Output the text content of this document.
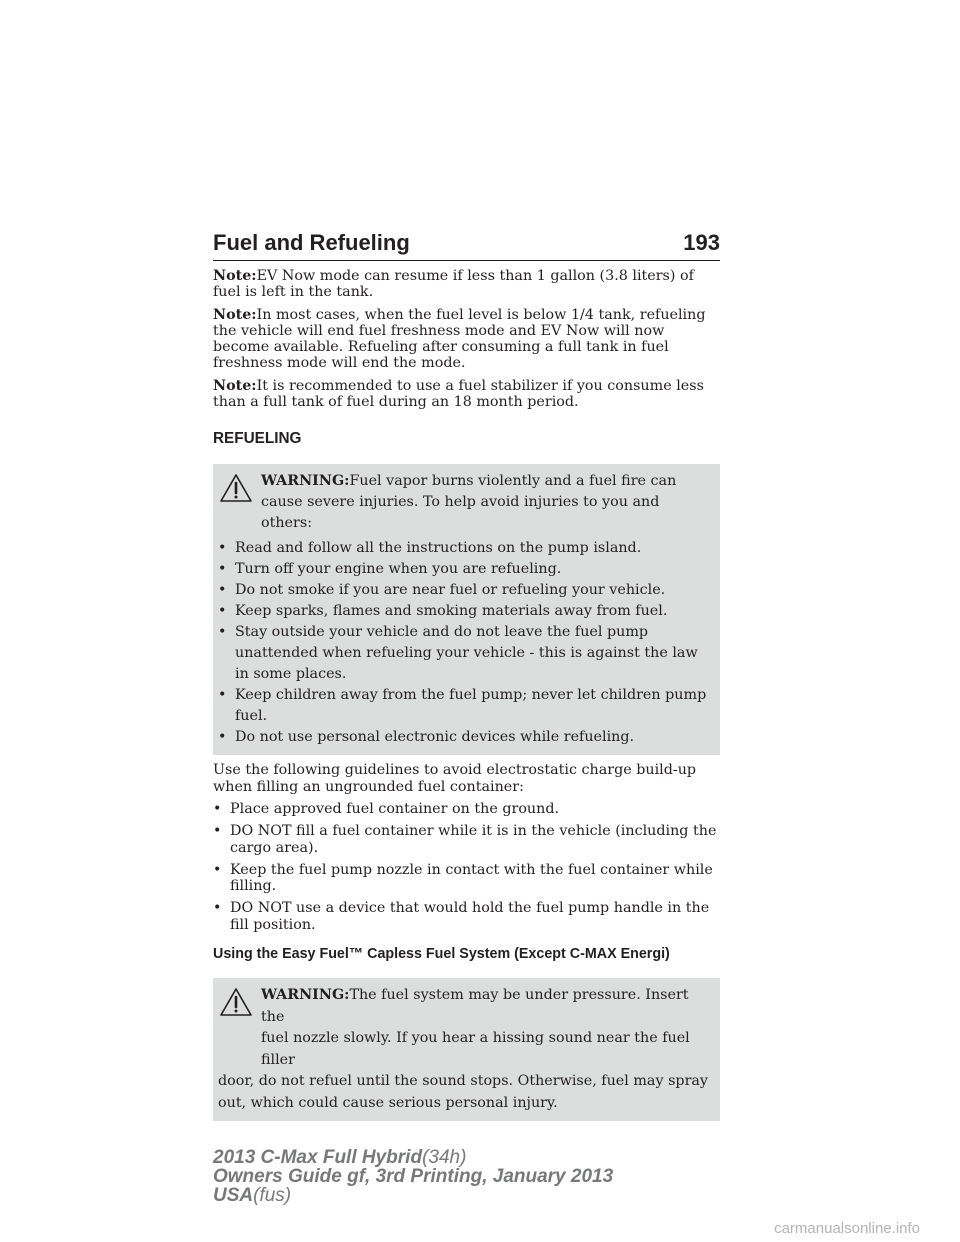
Fuel and Refueling	193

Note:EV Now mode can resume if less than 1 gallon (3.8 liters) of fuel is left in the tank.

Note:In most cases, when the fuel level is below 1/4 tank, refueling the vehicle will end fuel freshness mode and EV Now will now become available. Refueling after consuming a full tank in fuel freshness mode will end the mode.

Note:It is recommended to use a fuel stabilizer if you consume less than a full tank of fuel during an 18 month period.

REFUELING

WARNING:Fuel vapor burns violently and a fuel fire can cause severe injuries. To help avoid injuries to you and others:

• Read and follow all the instructions on the pump island.
• Turn off your engine when you are refueling.
• Do not smoke if you are near fuel or refueling your vehicle.
• Keep sparks, flames and smoking materials away from fuel.
• Stay outside your vehicle and do not leave the fuel pump unattended when refueling your vehicle - this is against the law in some places.
• Keep children away from the fuel pump; never let children pump fuel.
• Do not use personal electronic devices while refueling.

Use the following guidelines to avoid electrostatic charge build-up when filling an ungrounded fuel container:

• Place approved fuel container on the ground.
• DO NOT fill a fuel container while it is in the vehicle (including the cargo area).
• Keep the fuel pump nozzle in contact with the fuel container while filling.
• DO NOT use a device that would hold the fuel pump handle in the fill position.
Using the Easy Fuel™ Capless Fuel System (Except C-MAX Energi)
WARNING:The fuel system may be under pressure. Insert the
fuel nozzle slowly. If you hear a hissing sound near the fuel filler
door, do not refuel until the sound stops. Otherwise, fuel may spray out, which could cause serious personal injury.
2013 C-Max Full Hybrid(34h)
Owners Guide gf, 3rd Printing, January 2013
USA(fus)
carmanualsonline.info
